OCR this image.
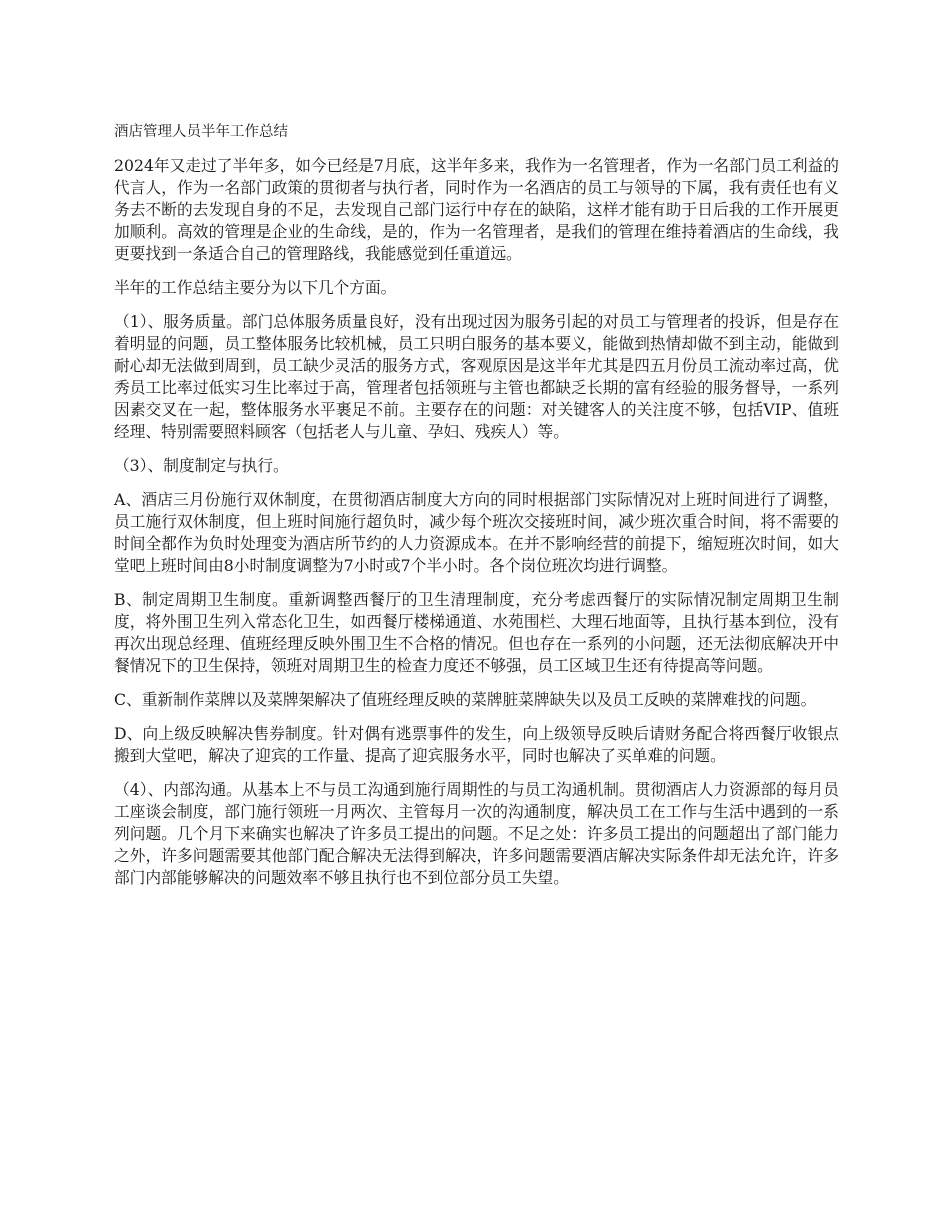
酒店管理人员半年工作总结

2024年又走过了半年多，如今已经是7月底，这半年多来，我作为一名管理者，作为一名部门员工利益的代言人，作为一名部门政策的贯彻者与执行者，同时作为一名酒店的员工与领导的下属，我有责任也有义务去不断的去发现自身的不足，去发现自己部门运行中存在的缺陷，这样才能有助于日后我的工作开展更加顺利。高效的管理是企业的生命线，是的，作为一名管理者，是我们的管理在维持着酒店的生命线，我更要找到一条适合自己的管理路线，我能感觉到任重道远。

半年的工作总结主要分为以下几个方面。

（1）、服务质量。部门总体服务质量良好，没有出现过因为服务引起的对员工与管理者的投诉，但是存在着明显的问题，员工整体服务比较机械，员工只明白服务的基本要义，能做到热情却做不到主动，能做到耐心却无法做到周到，员工缺少灵活的服务方式，客观原因是这半年尤其是四五月份员工流动率过高，优秀员工比率过低实习生比率过于高，管理者包括领班与主管也都缺乏长期的富有经验的服务督导，一系列因素交叉在一起，整体服务水平裹足不前。主要存在的问题：对关键客人的关注度不够，包括VIP、值班经理、特别需要照料顾客（包括老人与儿童、孕妇、残疾人）等。

（3）、制度制定与执行。

A、酒店三月份施行双休制度，在贯彻酒店制度大方向的同时根据部门实际情况对上班时间进行了调整，员工施行双休制度，但上班时间施行超负时，减少每个班次交接班时间，减少班次重合时间，将不需要的时间全都作为负时处理变为酒店所节约的人力资源成本。在并不影响经营的前提下，缩短班次时间，如大堂吧上班时间由8小时制度调整为7小时或7个半小时。各个岗位班次均进行调整。

B、制定周期卫生制度。重新调整西餐厅的卫生清理制度，充分考虑西餐厅的实际情况制定周期卫生制度，将外围卫生列入常态化卫生，如西餐厅楼梯通道、水苑围栏、大理石地面等，且执行基本到位，没有再次出现总经理、值班经理反映外围卫生不合格的情况。但也存在一系列的小问题，还无法彻底解决开中餐情况下的卫生保持，领班对周期卫生的检查力度还不够强，员工区域卫生还有待提高等问题。

C、重新制作菜牌以及菜牌架解决了值班经理反映的菜牌脏菜牌缺失以及员工反映的菜牌难找的问题。

D、向上级反映解决售券制度。针对偶有逃票事件的发生，向上级领导反映后请财务配合将西餐厅收银点搬到大堂吧，解决了迎宾的工作量、提高了迎宾服务水平，同时也解决了买单难的问题。

（4）、内部沟通。从基本上不与员工沟通到施行周期性的与员工沟通机制。贯彻酒店人力资源部的每月员工座谈会制度，部门施行领班一月两次、主管每月一次的沟通制度，解决员工在工作与生活中遇到的一系列问题。几个月下来确实也解决了许多员工提出的问题。不足之处：许多员工提出的问题超出了部门能力之外，许多问题需要其他部门配合解决无法得到解决，许多问题需要酒店解决实际条件却无法允许，许多部门内部能够解决的问题效率不够且执行也不到位部分员工失望。
